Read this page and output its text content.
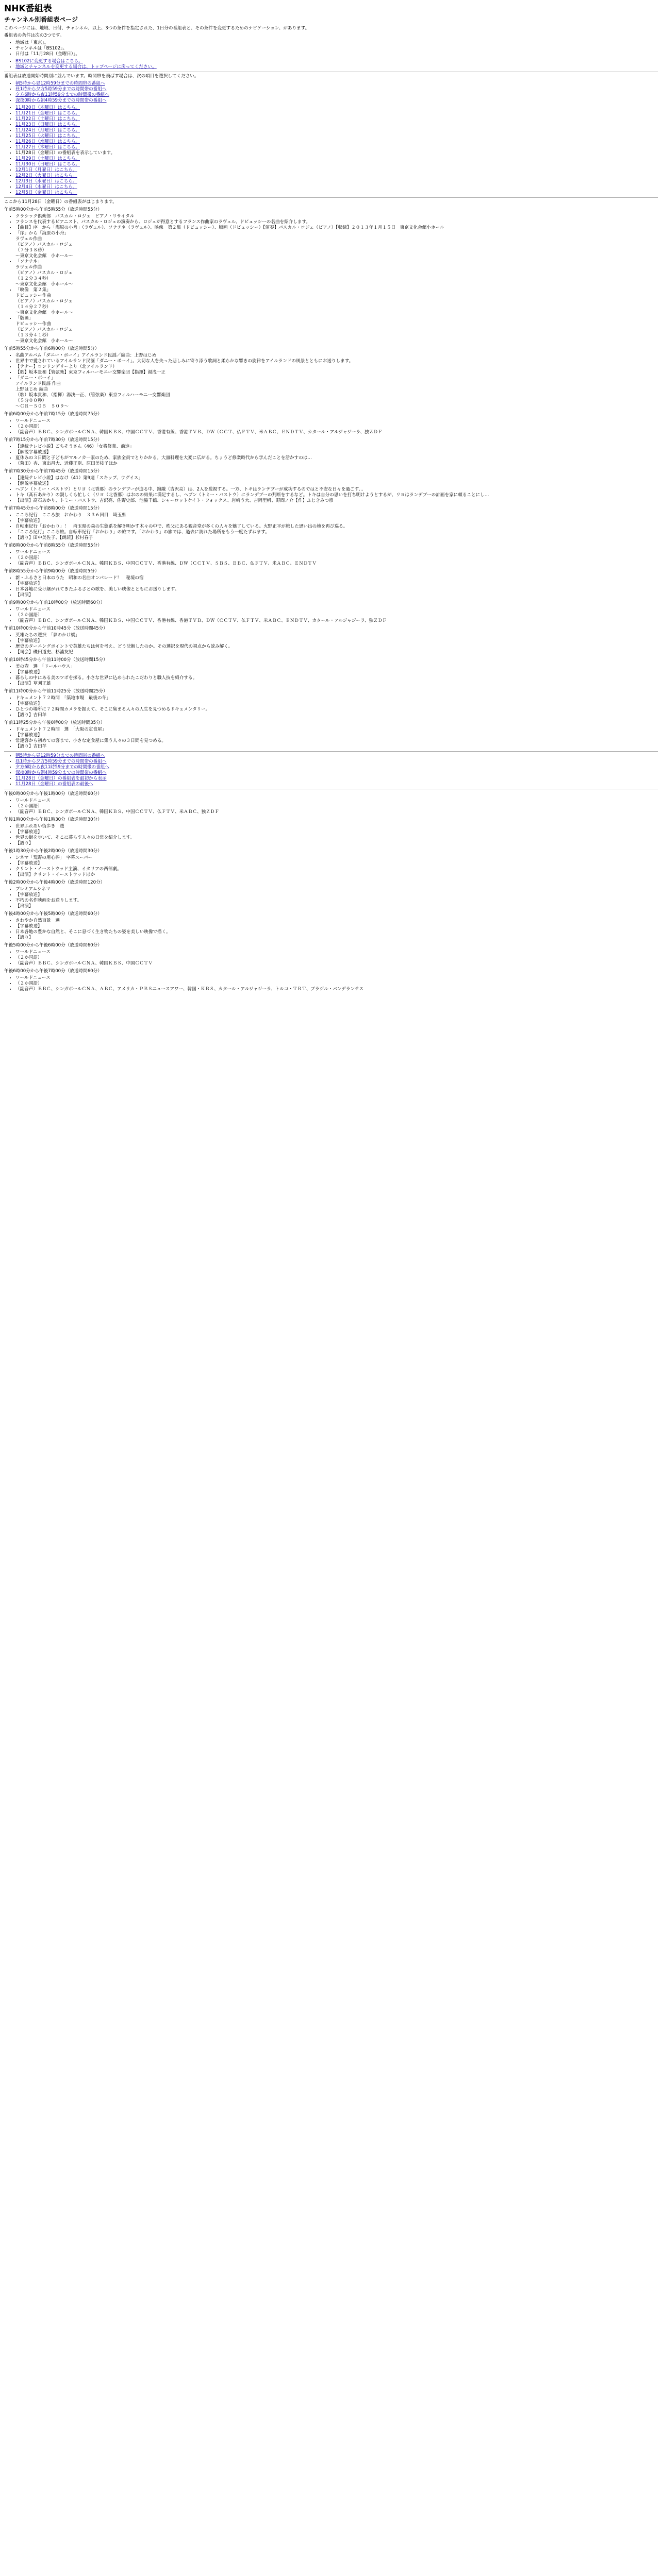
NHK番組表
チャンネル別番組表ページ

このページには、地域、日付、チャンネル、以上、3つの条件を指定された、1日分の番組表と、その条件を変更するためのナビゲーション、があります。

番組表の条件は次の3つです。

• 地域は「東京」。
• チャンネルは「BS102」。
• 日付は「11月28日（金曜日）」。
• BS102に変更する場合はこちら。
• 地域とチャンネルを変更する場合は、トップページに戻ってください。

番組表は放送開始時間別に並んでいます。時間帯を飛ばす場合は、次の項目を選択してください。

• 朝5時から昼12時59分までの時間帯の番組へ
• 昼1時から夕方5時59分までの時間帯の番組へ
• 夕方6時から夜11時59分までの時間帯の番組へ
• 深夜0時から朝4時59分までの時間帯の番組へ
• 11月20日（木曜日）はこちら。
• 11月21日（金曜日）はこちら。
• 11月22日（土曜日）はこちら。
• 11月23日（日曜日）はこちら。
• 11月24日（月曜日）はこちら。
• 11月25日（火曜日）はこちら。
• 11月26日（水曜日）はこちら。
• 11月27日（木曜日）はこちら。
• 11月28日（金曜日）の番組表を表示しています。
• 11月29日（土曜日）はこちら。
• 11月30日（日曜日）はこちら。
• 12月1日（月曜日）はこちら。
• 12月2日（火曜日）はこちら。
• 12月3日（水曜日）はこちら。
• 12月4日（木曜日）はこちら。
• 12月5日（金曜日）はこちら。

ここから11月28日（金曜日）の番組表がはじまります。

午前5時00分から午前5時55分（放送時間55分）
• クラシック倶楽部　バスカル・ロジェ　ピアノ・リサイタル
• フランスを代表するピアニスト、パスカル・ロジェの演奏から、ロジェが得意とするフランス作曲家のラヴェル、ドビュッシーの名曲を紹介します。
• 【曲目】序　から「海原の小舟」（ラヴェル）、ソナチネ（ラヴェル）、映像　第２集（ドビュッシー）、版画（ドビュッシー）【演奏】パスカル・ロジェ（ピアノ）【収録】２０１３年１月１５日　東京文化会館小ホール
• 「序」から「海原の小舟」
ラヴェル作曲
（ピアノ）パスカル・ロジェ
（７分３８秒）
～東京文化会館　小ホール～
• 「ソナチネ」
ラヴェル作曲
（ピアノ）パスカル・ロジェ
（１２分３４秒）
～東京文化会館　小ホール～
• 「映像　第２集」
ドビュッシー作曲
（ピアノ）パスカル・ロジェ
（１４分２７秒）
～東京文化会館　小ホール～
• 「版画」
ドビュッシー作曲
（ピアノ）パスカル・ロジェ
（１３分４１秒）
～東京文化会館　小ホール～
午前5時55分から午前6時00分（放送時間5分）
• 名曲アルバム「ダニー・ボーイ」アイルランド民謡／編曲：上野はじめ
• 世界中で愛されているアイルランド民謡「ダニー・ボーイ」。大切な人を失った悲しみに寄り添う歌詞と柔らかな響きの旋律をアイルランドの風景とともにお送りします。
• 【テナー】ロンドンデリーより（北アイルランド）
• 【歌】坂本貴和【管弦楽】東京フィルハーモニー交響楽団【指揮】湯浅一正
• 「ダニー・ボーイ」
アイルランド民謡 作曲
上野はじめ 編曲
（歌）坂本貴和、（指揮）湯浅一正、（管弦楽）東京フィルハーモニー交響楽団
（５分００秒）
～ＣＲ－５０５　５０９～
午前6時00分から午前7時15分（放送時間75分）
• ワールドニュース
• （２か国語）
• （副音声）ＢＢＣ、シンガポールＣＮＡ、韓国ＫＢＳ、中国ＣＣＴＶ、香港有線、香港ＴＶＢ、ＤＷ（ＣＣＴ、仏ＦＴＶ、米ＡＢＣ、ＥＮＤＴＶ、カタール・アルジャジーラ、独ＺＤＦ
午前7時15分から午前7時30分（放送時間15分）
• 【連続テレビ小説】ごちそうさん（46）「女将修業、前進」
• 【解説字幕放送】
• 夏休みの３日間と子どもがマルノカ一家のため、家族全員でとりかかる。大皿料理を大変に広がる。ちょうど修業時代から学んだことを活かすのは…
• （菊田）杏、東出昌大、近藤正臣、原田美枝子ほか
午前7時30分から午前7時45分（放送時間15分）
• 【連続テレビ小説】はなけ（41）第9週「スキップ、ウグイス」
• 【解説字幕放送】
• ヘブン（トミー・バストウ）とリヨ（北香那）のランデブーが迫る中、錦織（吉沢亮）は、2人を監視する。一方、トキはランデブーが成功するのではと不安な日々を過ごす…
• トキ（髙石あかり）の親しくも忙しく（リヨ（北香那）はおのの結果に満足するし、ヘブン（トミー・バストウ）にランデブーの判断をするなど。トキは自分の思いを打ち明けようとするが、リヨはランデブーの計画を家に頼ることにし…
• 【出演】髙石あかり、トミー・バストウ、吉沢亮、佐野史郎、池脇千鶴、シャーロットケイト・フォックス、岩崎う大、吉岡里帆、野間ノ介【作】ふじきみつ彦
午前7時45分から午前8時00分（放送時間15分）
• こころ紀行　こころ旅　おかわり　３３６回目　埼玉県
• 【字幕放送】
• 自転車紀行「おかわり」！　埼玉県の森の生態系を解き明かす木々の中で、秩父にある観音堂が多くの人々を魅了している。火野正平が旅した思い出の地を再び巡る。
• 「こころ紀行」こころ旅。自転車紀行「おかわり」の旅です。「おかわり」の旅では、過去に訪れた場所をもう一度たずねます。
• 【語り】田中美佐子、【朗読】杉村春子
午前8時00分から午前8時55分（放送時間55分）
• ワールドニュース
• （２か国語）
• （副音声）ＢＢＣ、シンガポールＣＮＡ、韓国ＫＢＳ、中国ＣＣＴＶ、香港有線、ＤＷ（ＣＣＴＶ、ＳＢＳ、ＢＢＣ、仏ＦＴＶ、米ＡＢＣ、ＥＮＤＴＶ
午前8時55分から午前9時00分（放送時間5分）
• 新・ふるさと日本のうた　昭和の名曲オンパレード！　秘境の宿
• 【字幕放送】
• 日本各地に受け継がれてきたふるさとの歌を、美しい映像とともにお送りします。
• 【出演】
午前9時00分から午前10時00分（放送時間60分）
• ワールドニュース
• （２か国語）
• （副音声）ＢＢＣ、シンガポールＣＮＡ、韓国ＫＢＳ、中国ＣＣＴＶ、香港有線、香港ＴＶＢ、ＤＷ（ＣＣＴＶ、仏ＦＴＶ、米ＡＢＣ、ＥＮＤＴＶ、カタール・アルジャジーラ、独ＺＤＦ
午前10時00分から午前10時45分（放送時間45分）
• 英雄たちの選択　「夢のかけ橋」
• 【字幕放送】
• 歴史のターニングポイントで英雄たちは何を考え、どう決断したのか。その選択を現代の視点から読み解く。
• 【司会】磯田道史、杉浦友紀
午前10時45分から午前11時00分（放送時間15分）
• 美の壺　選　「ドールハウス」
• 【字幕放送】
• 暮らしの中にある美のツボを探る。小さな世界に込められたこだわりと職人技を紹介する。
• 【出演】草刈正雄
午前11時00分から午前11時25分（放送時間25分）
• ドキュメント７２時間　「築地市場　最後の冬」
• 【字幕放送】
• ひとつの場所に７２時間カメラを据えて、そこに集まる人々の人生を見つめるドキュメンタリー。
• 【語り】吉田羊
午前11時25分から午後0時00分（放送時間35分）
• ドキュメント７２時間　選　「大阪の定食屋」
• 【字幕放送】
• 常連客から初めての客まで、小さな定食屋に集う人々の３日間を見つめる。
• 【語り】吉田羊
• 朝5時から昼12時59分までの時間帯の番組へ
• 昼1時から夕方5時59分までの時間帯の番組へ
• 夕方6時から夜11時59分までの時間帯の番組へ
• 深夜0時から朝4時59分までの時間帯の番組へ
• 11月28日（金曜日）の番組表を最初から表示
• 11月28日（金曜日）の番組表の最後へ
午後0時00分から午後1時00分（放送時間60分）
• ワールドニュース
• （２か国語）
• （副音声）ＢＢＣ、シンガポールＣＮＡ、韓国ＫＢＳ、中国ＣＣＴＶ、仏ＦＴＶ、米ＡＢＣ、独ＺＤＦ
午後1時00分から午後1時30分（放送時間30分）
• 世界ふれあい街歩き　選
• 【字幕放送】
• 世界の街を歩いて、そこに暮らす人々の日常を紹介します。
• 【語り】
午後1時30分から午後2時00分（放送時間30分）
• シネマ「荒野の用心棒」　字幕スーパー
• 【字幕放送】
• クリント・イーストウッド主演、イタリアの西部劇。
• 【出演】クリント・イーストウッドほか
午後2時00分から午後4時00分（放送時間120分）
• プレミアムシネマ
• 【字幕放送】
• 不朽の名作映画をお送りします。
• 【出演】
午後4時00分から午後5時00分（放送時間60分）
• さわやか自然百景　選
• 【字幕放送】
• 日本各地の豊かな自然と、そこに息づく生き物たちの姿を美しい映像で描く。
• 【語り】
午後5時00分から午後6時00分（放送時間60分）
• ワールドニュース
• （２か国語）
• （副音声）ＢＢＣ、シンガポールＣＮＡ、韓国ＫＢＳ、中国ＣＣＴＶ
午後6時00分から午後7時00分（放送時間60分）
• ワールドニュース
• （２か国語）
• （副音声）ＢＢＣ、シンガポールＣＮＡ、ＡＢＣ、アメリカ・ＰＢＳニュースアワー、韓国・ＫＢＳ、カタール・アルジャジーラ、トルコ・ＴＲＴ、ブラジル・バンデランテス
